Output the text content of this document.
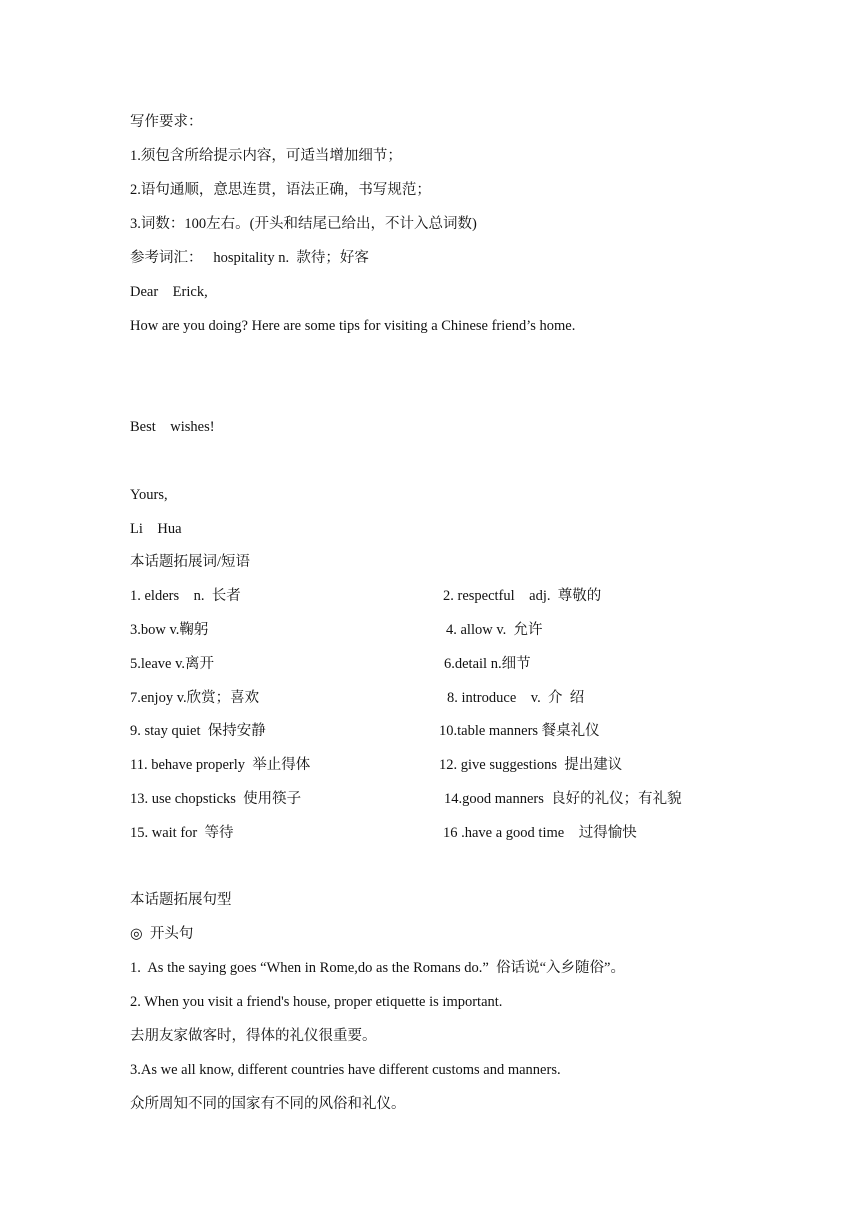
写作要求：
1.须包含所给提示内容，可适当增加细节；
2.语句通顺，意思连贯，语法正确，书写规范；
3.词数：100左右。(开头和结尾已给出，不计入总词数)
参考词汇：   hospitality n.  款待；好客
Dear    Erick,
How are you doing? Here are some tips for visiting a Chinese friend’s home.
Best    wishes!
Yours,
Li    Hua
本话题拓展词/短语
1. elders    n.  长者	2. respectful    adj.  尊敬的
3.bow v.鞠躬	4. allow v.  允许
5.leave v.离开	6.detail n.细节
7.enjoy v.欣赏；喜欢	8. introduce    v.  介  绍
9. stay quiet  保持安静	10.table manners 餐桌礼仪
11. behave properly  举止得体	12. give suggestions  提出建议
13. use chopsticks  使用筷子	14.good manners  良好的礼仪；有礼貌
15. wait for  等待	16 .have a good time    过得愉快
本话题拓展句型
◎  开头句
1.  As the saying goes “When in Rome,do as the Romans do.”  俗话说“入乡随俗”。
2. When you visit a friend's house, proper etiquette is important.
去朋友家做客时，得体的礼仪很重要。
3.As we all know, different countries have different customs and manners.
众所周知不同的国家有不同的风俗和礼仪。
